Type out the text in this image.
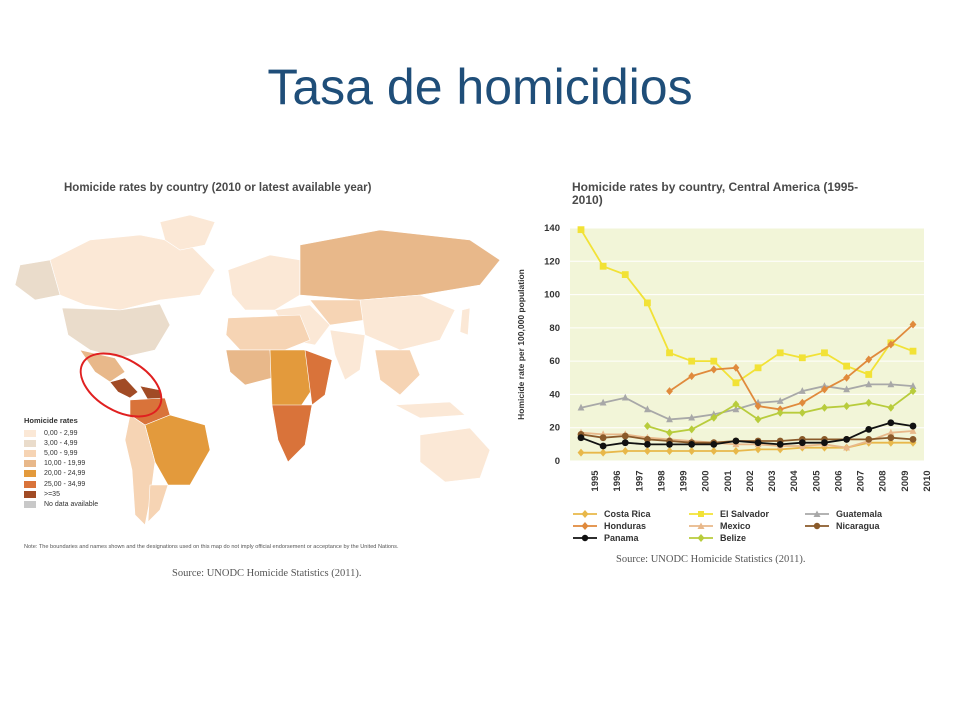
Tasa de homicidios
Homicide rates by country (2010 or latest available year)
Homicide rates
0,00 - 2,99
3,00 - 4,99
5,00 - 9,99
10,00 - 19,99
20,00 - 24,99
25,00 - 34,99
>=35
No data available
Note: The boundaries and names shown and the designations used on this map do not imply official endorsement or acceptance by the United Nations.
Source: UNODC Homicide Statistics (2011).
Homicide rates by country, Central America (1995-2010)
0
20
40
60
80
100
120
140
1995 1996 1997 1998 1999 2000 2001 2002 2003 2004 2005 2006 2007 2008 2009 2010
Homicide rate per 100,000 population
Costa Rica	El Salvador	Guatemala
Honduras	Mexico	Nicaragua
Panama	Belize
Source: UNODC Homicide Statistics (2011).
